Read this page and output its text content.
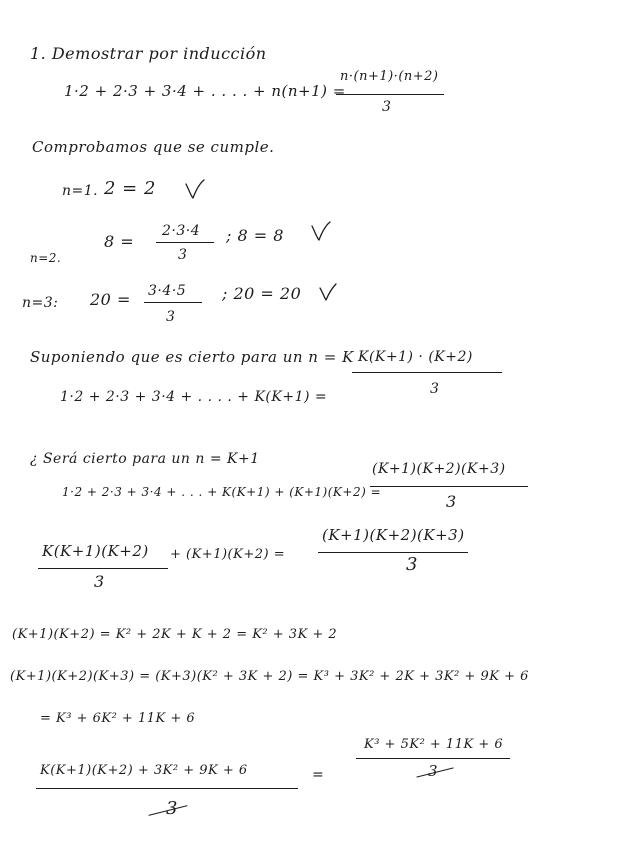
1. Demostrar por inducción
1·2 + 2·3 + 3·4 + . . . . + n(n+1) =
n·(n+1)·(n+2)
3
Comprobamos que se cumple.
n=1. 2 = 2
n=2.
8 =
2·3·4
3
; 8 = 8
n=3: 20 = 3·4·5
3
; 20 = 20
Suponiendo que es cierto para un n = K
1·2 + 2·3 + 3·4 + . . . . + K(K+1) =
K(K+1) · (K+2)
3
¿ Será cierto para un n = K+1
1·2 + 2·3 + 3·4 + . . . + K(K+1) + (K+1)(K+2) =
(K+1)(K+2)(K+3)
3
K(K+1)(K+2)
3
+ (K+1)(K+2) =
(K+1)(K+2)(K+3)
3
(K+1)(K+2) = K² + 2K + K + 2 = K² + 3K + 2
(K+1)(K+2)(K+3) = (K+3)(K² + 3K + 2) = K³ + 3K² + 2K + 3K² + 9K + 6
= K³ + 6K² + 11K + 6
K³ + 5K² + 11K + 6
3
K(K+1)(K+2) + 3K² + 9K + 6
3
=
